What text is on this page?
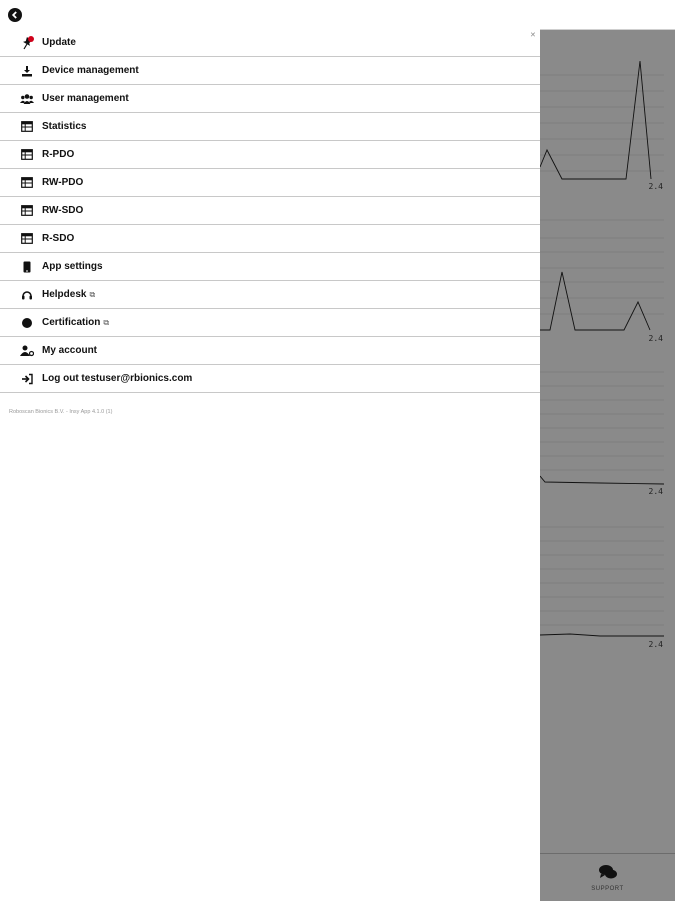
2.4
2.4
2.4
2.4
SUPPORT
✕
Update
Device management
User management
Statistics
R-PDO
RW-PDO
RW-SDO
R-SDO
App settings
Helpdesk ⧉
Certification ⧉
My account
Log out testuser@rbionics.com
Roboscan Bionics B.V. - Insy App 4.1.0 (1)
